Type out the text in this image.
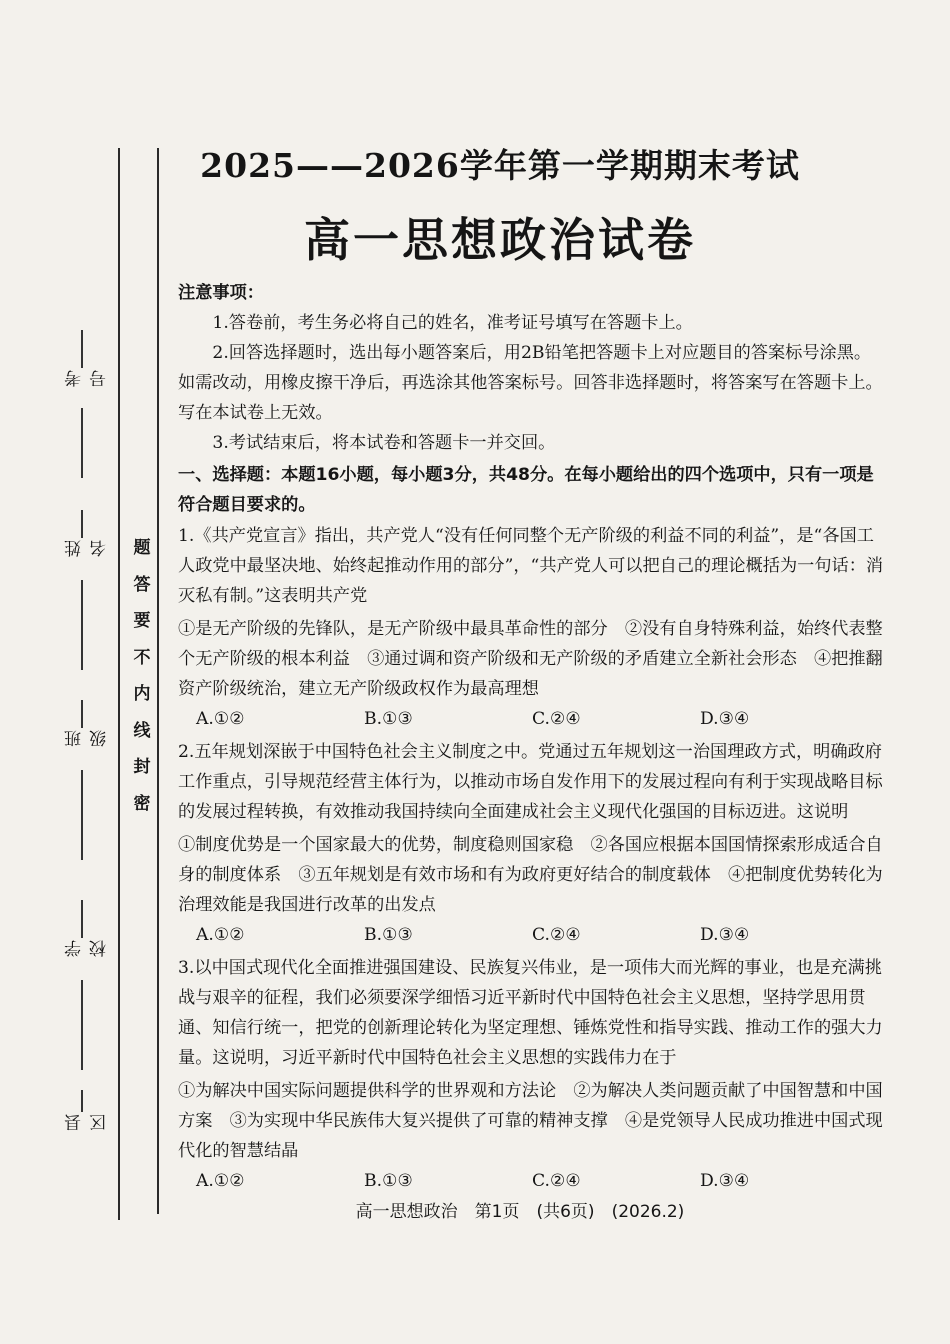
考号
姓名
班级
学校
县区
题
答
要
不
内
线
封
密
2025——2026学年第一学期期末考试
高一思想政治试卷

注意事项：

1.答卷前，考生务必将自己的姓名，准考证号填写在答题卡上。

2.回答选择题时，选出每小题答案后，用2B铅笔把答题卡上对应题目的答案标号涂黑。如需改动，用橡皮擦干净后，再选涂其他答案标号。回答非选择题时，将答案写在答题卡上。写在本试卷上无效。

3.考试结束后，将本试卷和答题卡一并交回。

一、选择题：本题16小题，每小题3分，共48分。在每小题给出的四个选项中，只有一项是符合题目要求的。

1.《共产党宣言》指出，共产党人“没有任何同整个无产阶级的利益不同的利益”，是“各国工人政党中最坚决地、始终起推动作用的部分”，“共产党人可以把自己的理论概括为一句话：消灭私有制。”这表明共产党

①是无产阶级的先锋队，是无产阶级中最具革命性的部分　②没有自身特殊利益，始终代表整个无产阶级的根本利益　③通过调和资产阶级和无产阶级的矛盾建立全新社会形态　④把推翻资产阶级统治，建立无产阶级政权作为最高理想

A.①②	B.①③	C.②④	D.③④

2.五年规划深嵌于中国特色社会主义制度之中。党通过五年规划这一治国理政方式，明确政府工作重点，引导规范经营主体行为，以推动市场自发作用下的发展过程向有利于实现战略目标的发展过程转换，有效推动我国持续向全面建成社会主义现代化强国的目标迈进。这说明

①制度优势是一个国家最大的优势，制度稳则国家稳　②各国应根据本国国情探索形成适合自身的制度体系　③五年规划是有效市场和有为政府更好结合的制度载体　④把制度优势转化为治理效能是我国进行改革的出发点

A.①②	B.①③	C.②④	D.③④

3.以中国式现代化全面推进强国建设、民族复兴伟业，是一项伟大而光辉的事业，也是充满挑战与艰辛的征程，我们必须要深学细悟习近平新时代中国特色社会主义思想，坚持学思用贯通、知信行统一，把党的创新理论转化为坚定理想、锤炼党性和指导实践、推动工作的强大力量。这说明，习近平新时代中国特色社会主义思想的实践伟力在于

①为解决中国实际问题提供科学的世界观和方法论　②为解决人类问题贡献了中国智慧和中国方案　③为实现中华民族伟大复兴提供了可靠的精神支撑　④是党领导人民成功推进中国式现代化的智慧结晶

A.①②	B.①③	C.②④	D.③④
高一思想政治　第1页　(共6页)　(2026.2)
